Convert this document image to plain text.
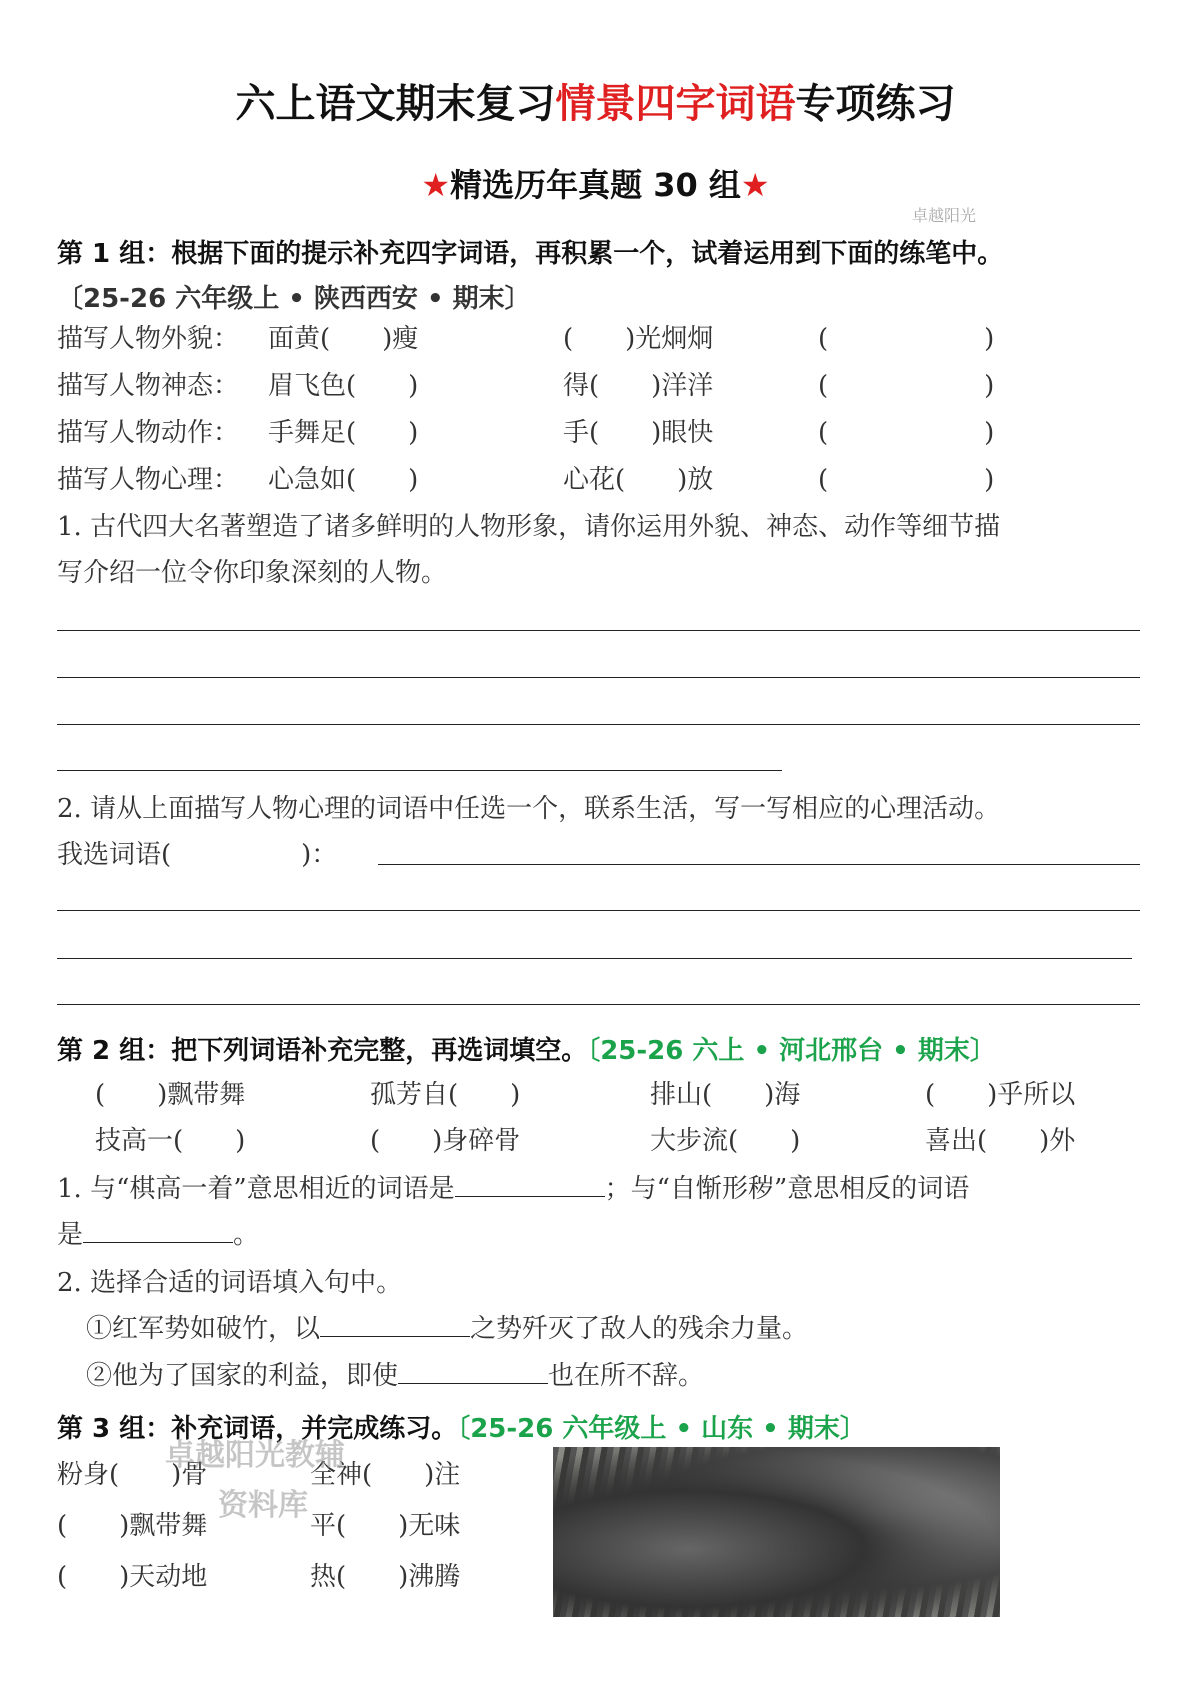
六上语文期末复习情景四字词语专项练习
★精选历年真题 30 组★
卓越阳光
第 1 组：根据下面的提示补充四字词语，再积累一个，试着运用到下面的练笔中。
〔25-26 六年级上 • 陕西西安 • 期末〕
描写人物外貌： 面黄(　　)瘦	(　　)光炯炯	(　　　　　　)
描写人物神态： 眉飞色(　　)	得(　　)洋洋	(　　　　　　)
描写人物动作： 手舞足(　　)	手(　　)眼快	(　　　　　　)
描写人物心理： 心急如(　　)	心花(　　)放	(　　　　　　)
1. 古代四大名著塑造了诸多鲜明的人物形象，请你运用外貌、神态、动作等细节描
写介绍一位令你印象深刻的人物。
2. 请从上面描写人物心理的词语中任选一个，联系生活，写一写相应的心理活动。
我选词语(　　　　　)：
第 2 组：把下列词语补充完整，再选词填空。〔25-26 六上 • 河北邢台 • 期末〕
(　　)飘带舞	孤芳自(　　)	排山(　　)海	(　　)乎所以
技高一(　　)	(　　)身碎骨	大步流(　　)	喜出(　　)外
1. 与“棋高一着”意思相近的词语是	；与“自惭形秽”意思相反的词语
是	。
2. 选择合适的词语填入句中。
①红军势如破竹，以	之势歼灭了敌人的残余力量。
②他为了国家的利益，即使	也在所不辞。
第 3 组：补充词语，并完成练习。〔25-26 六年级上 • 山东 • 期末〕
粉身(　　)骨	全神(　　)注
(　　)飘带舞	平(　　)无味
(　　)天动地	热(　　)沸腾
卓越阳光教辅
资料库
